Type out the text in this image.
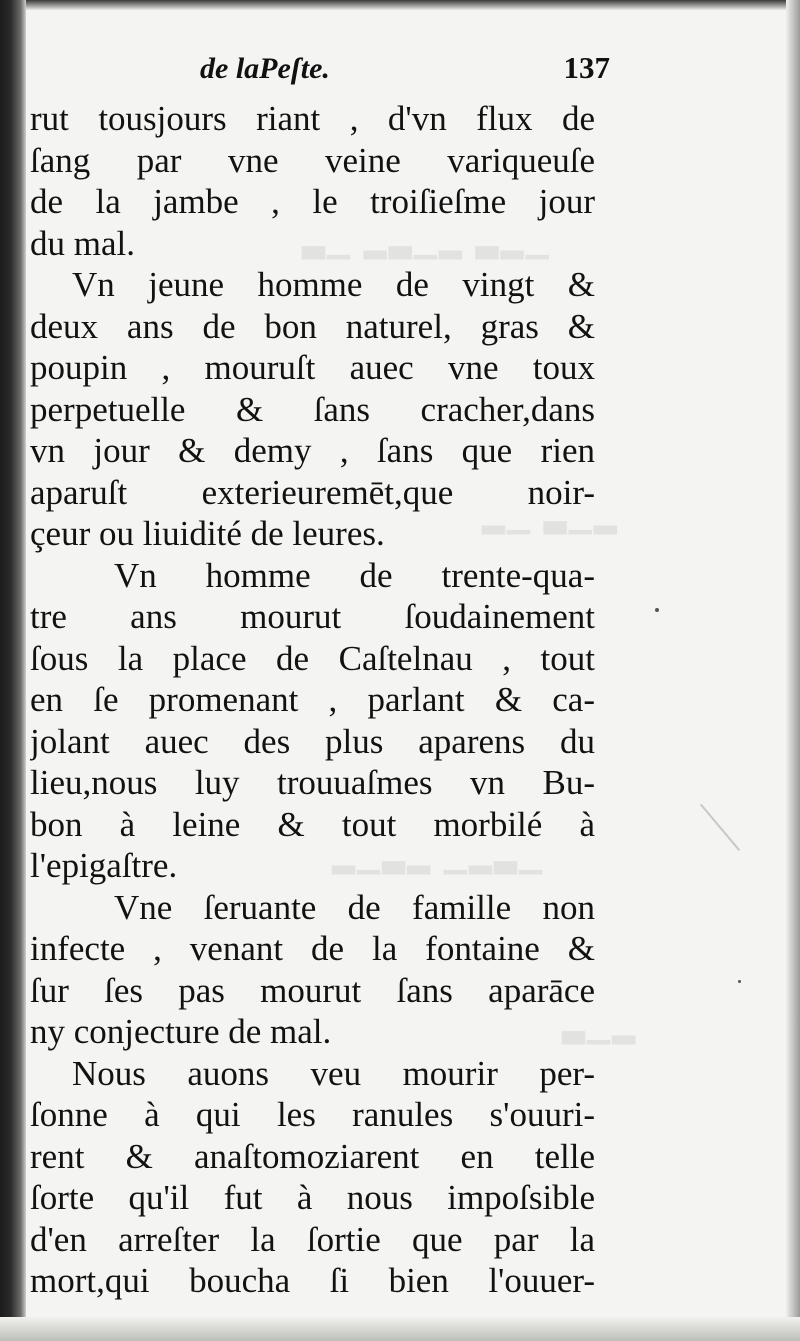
▁▂▃ ▂▁▃▂ ▁▃
▂▁▃ ▁▂
▁▃▂▁ ▂▃▁▂
▂▁▃
de laPeſte.	137
rut tousjours riant , d'vn flux de
ſang par vne veine variqueuſe
de la jambe , le troiſieſme jour
du mal.
Vn jeune homme de vingt &
deux ans de bon naturel, gras &
poupin , mouruſt auec vne toux
perpetuelle & ſans cracher,dans
vn jour & demy , ſans que rien
aparuſt exterieuremēt,que noir-
çeur ou liuidité de leures.
Vn homme de trente-qua-
tre ans mourut ſoudainement
ſous la place de Caſtelnau , tout
en ſe promenant , parlant & ca-
jolant auec des plus aparens du
lieu,nous luy trouuaſmes vn Bu-
bon à leine & tout morbilé à
l'epigaſtre.
Vne ſeruante de famille non
infecte , venant de la fontaine &
ſur ſes pas mourut ſans aparāce
ny conjecture de mal.
Nous auons veu mourir per-
ſonne à qui les ranules s'ouuri-
rent & anaſtomoziarent en telle
ſorte qu'il fut à nous impoſsible
d'en arreſter la ſortie que par la
mort,qui boucha ſi bien l'ouuer-
